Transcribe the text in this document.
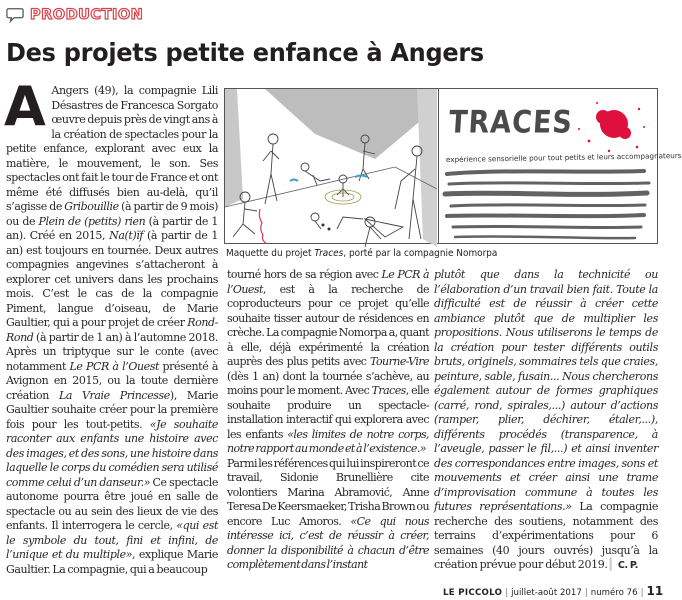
PRODUCTION
Des projets petite enfance à Angers

A Angers (49), la compagnie Lili Désastres de Francesca Sorgato œuvre depuis près de vingt ans à la création de spectacles pour la petite enfance, explorant avec eux la matière, le mouvement, le son. Ses spectacles ont fait le tour de France et ont même été diffusés bien au-delà, qu’il s’agisse de Gribouillie (à partir de 9 mois) ou de Plein de (petits) rien (à partir de 1 an). Créé en 2015, Na(t)ïf (à partir de 1 an) est toujours en tournée. Deux autres compagnies angevines s’attacheront à explorer cet univers dans les prochains mois. C’est le cas de la compagnie Piment, langue d’oiseau, de Marie Gaultier, qui a pour projet de créer Rond-Rond (à partir de 1 an) à l’automne 2018. Après un triptyque sur le conte (avec notamment Le PCR à l’Ouest présenté à Avignon en 2015, ou la toute dernière création La Vraie Princesse), Marie Gaultier souhaite créer pour la première fois pour les tout-petits. «Je souhaite raconter aux enfants une histoire avec des images, et des sons, une histoire dans laquelle le corps du comédien sera utilisé comme celui d’un danseur.» Ce spectacle autonome pourra être joué en salle de spectacle ou au sein des lieux de vie des enfants. Il interrogera le cercle, «qui est le symbole du tout, fini et infini, de l’unique et du multiple», explique Marie Gaultier. La compagnie, qui a beaucoup

TRACES
expérience sensorielle pour tout petits et leurs accompagnateurs
Maquette du projet Traces, porté par la compagnie Nomorpa

tourné hors de sa région avec Le PCR à l’Ouest, est à la recherche de coproducteurs pour ce projet qu’elle souhaite tisser autour de résidences en crèche. La compagnie Nomorpa a, quant à elle, déjà expérimenté la création auprès des plus petits avec Tourne-Vire (dès 1 an) dont la tournée s’achève, au moins pour le moment. Avec Traces, elle souhaite produire un spectacle-installation interactif qui explorera avec les enfants «les limites de notre corps, notre rapport au monde et à l’existence.»

Parmi les références qui lui inspireront ce travail, Sidonie Brunellière cite volontiers Marina Abramović, Anne Teresa De Keersmaeker, Trisha Brown ou encore Luc Amoros. «Ce qui nous intéresse ici, c’est de réussir à créer, donner la disponibilité à chacun d’être complètement dans l’instant

plutôt que dans la technicité ou l’élaboration d’un travail bien fait. Toute la difficulté est de réussir à créer cette ambiance plutôt que de multiplier les propositions. Nous utiliserons le temps de la création pour tester différents outils bruts, originels, sommaires tels que craies, peinture, sable, fusain... Nous chercherons également autour de formes graphiques (carré, rond, spirales,...) autour d’actions (ramper, plier, déchirer, étaler,...), différents procédés (transparence, à l’aveugle, passer le fil,...) et ainsi inventer des correspondances entre images, sons et mouvements et créer ainsi une trame d’improvisation commune à toutes les futures représentations.» La compagnie recherche des soutiens, notamment des terrains d’expérimentations pour 6 semaines (40 jours ouvrés) jusqu’à la création prévue pour début 2019. ▎C. P.

LE PICCOLO | juillet-août 2017 | numéro 76 | 11
